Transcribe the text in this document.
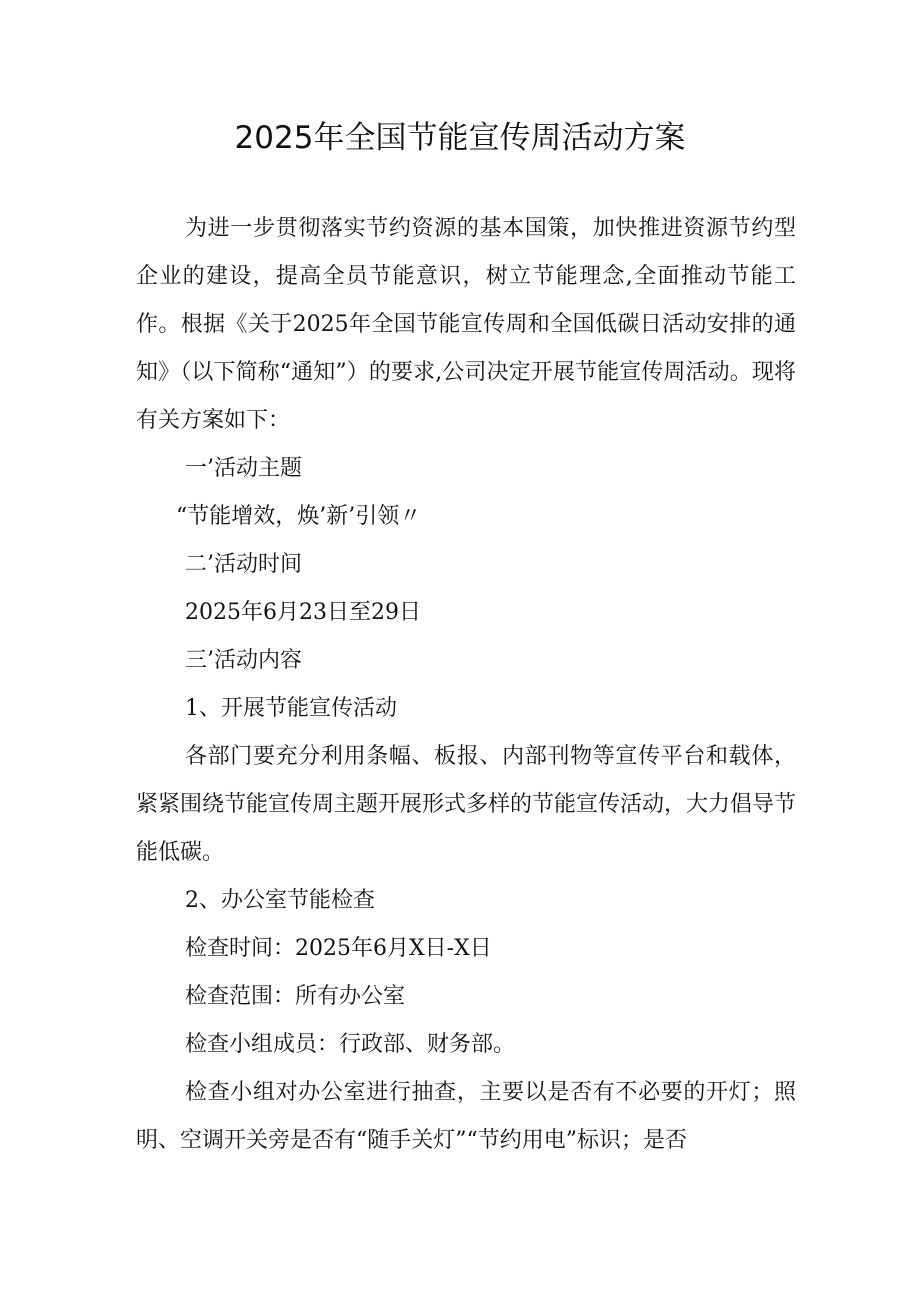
2025年全国节能宣传周活动方案

为进一步贯彻落实节约资源的基本国策，加快推进资源节约型企业的建设，提高全员节能意识，树立节能理念,全面推动节能工作。根据《关于2025年全国节能宣传周和全国低碳日活动安排的通知》（以下简称“通知”）的要求,公司决定开展节能宣传周活动。现将有关方案如下：

一’活动主题

“节能增效，焕’新’引领〃

二’活动时间

2025年6月23日至29日

三’活动内容

1、开展节能宣传活动

各部门要充分利用条幅、板报、内部刊物等宣传平台和载体，紧紧围绕节能宣传周主题开展形式多样的节能宣传活动，大力倡导节能低碳。

2、办公室节能检查

检查时间：2025年6月X日-X日

检查范围：所有办公室

检查小组成员：行政部、财务部。

检查小组对办公室进行抽查，主要以是否有不必要的开灯；照明、空调开关旁是否有“随手关灯”“节约用电”标识；是否
